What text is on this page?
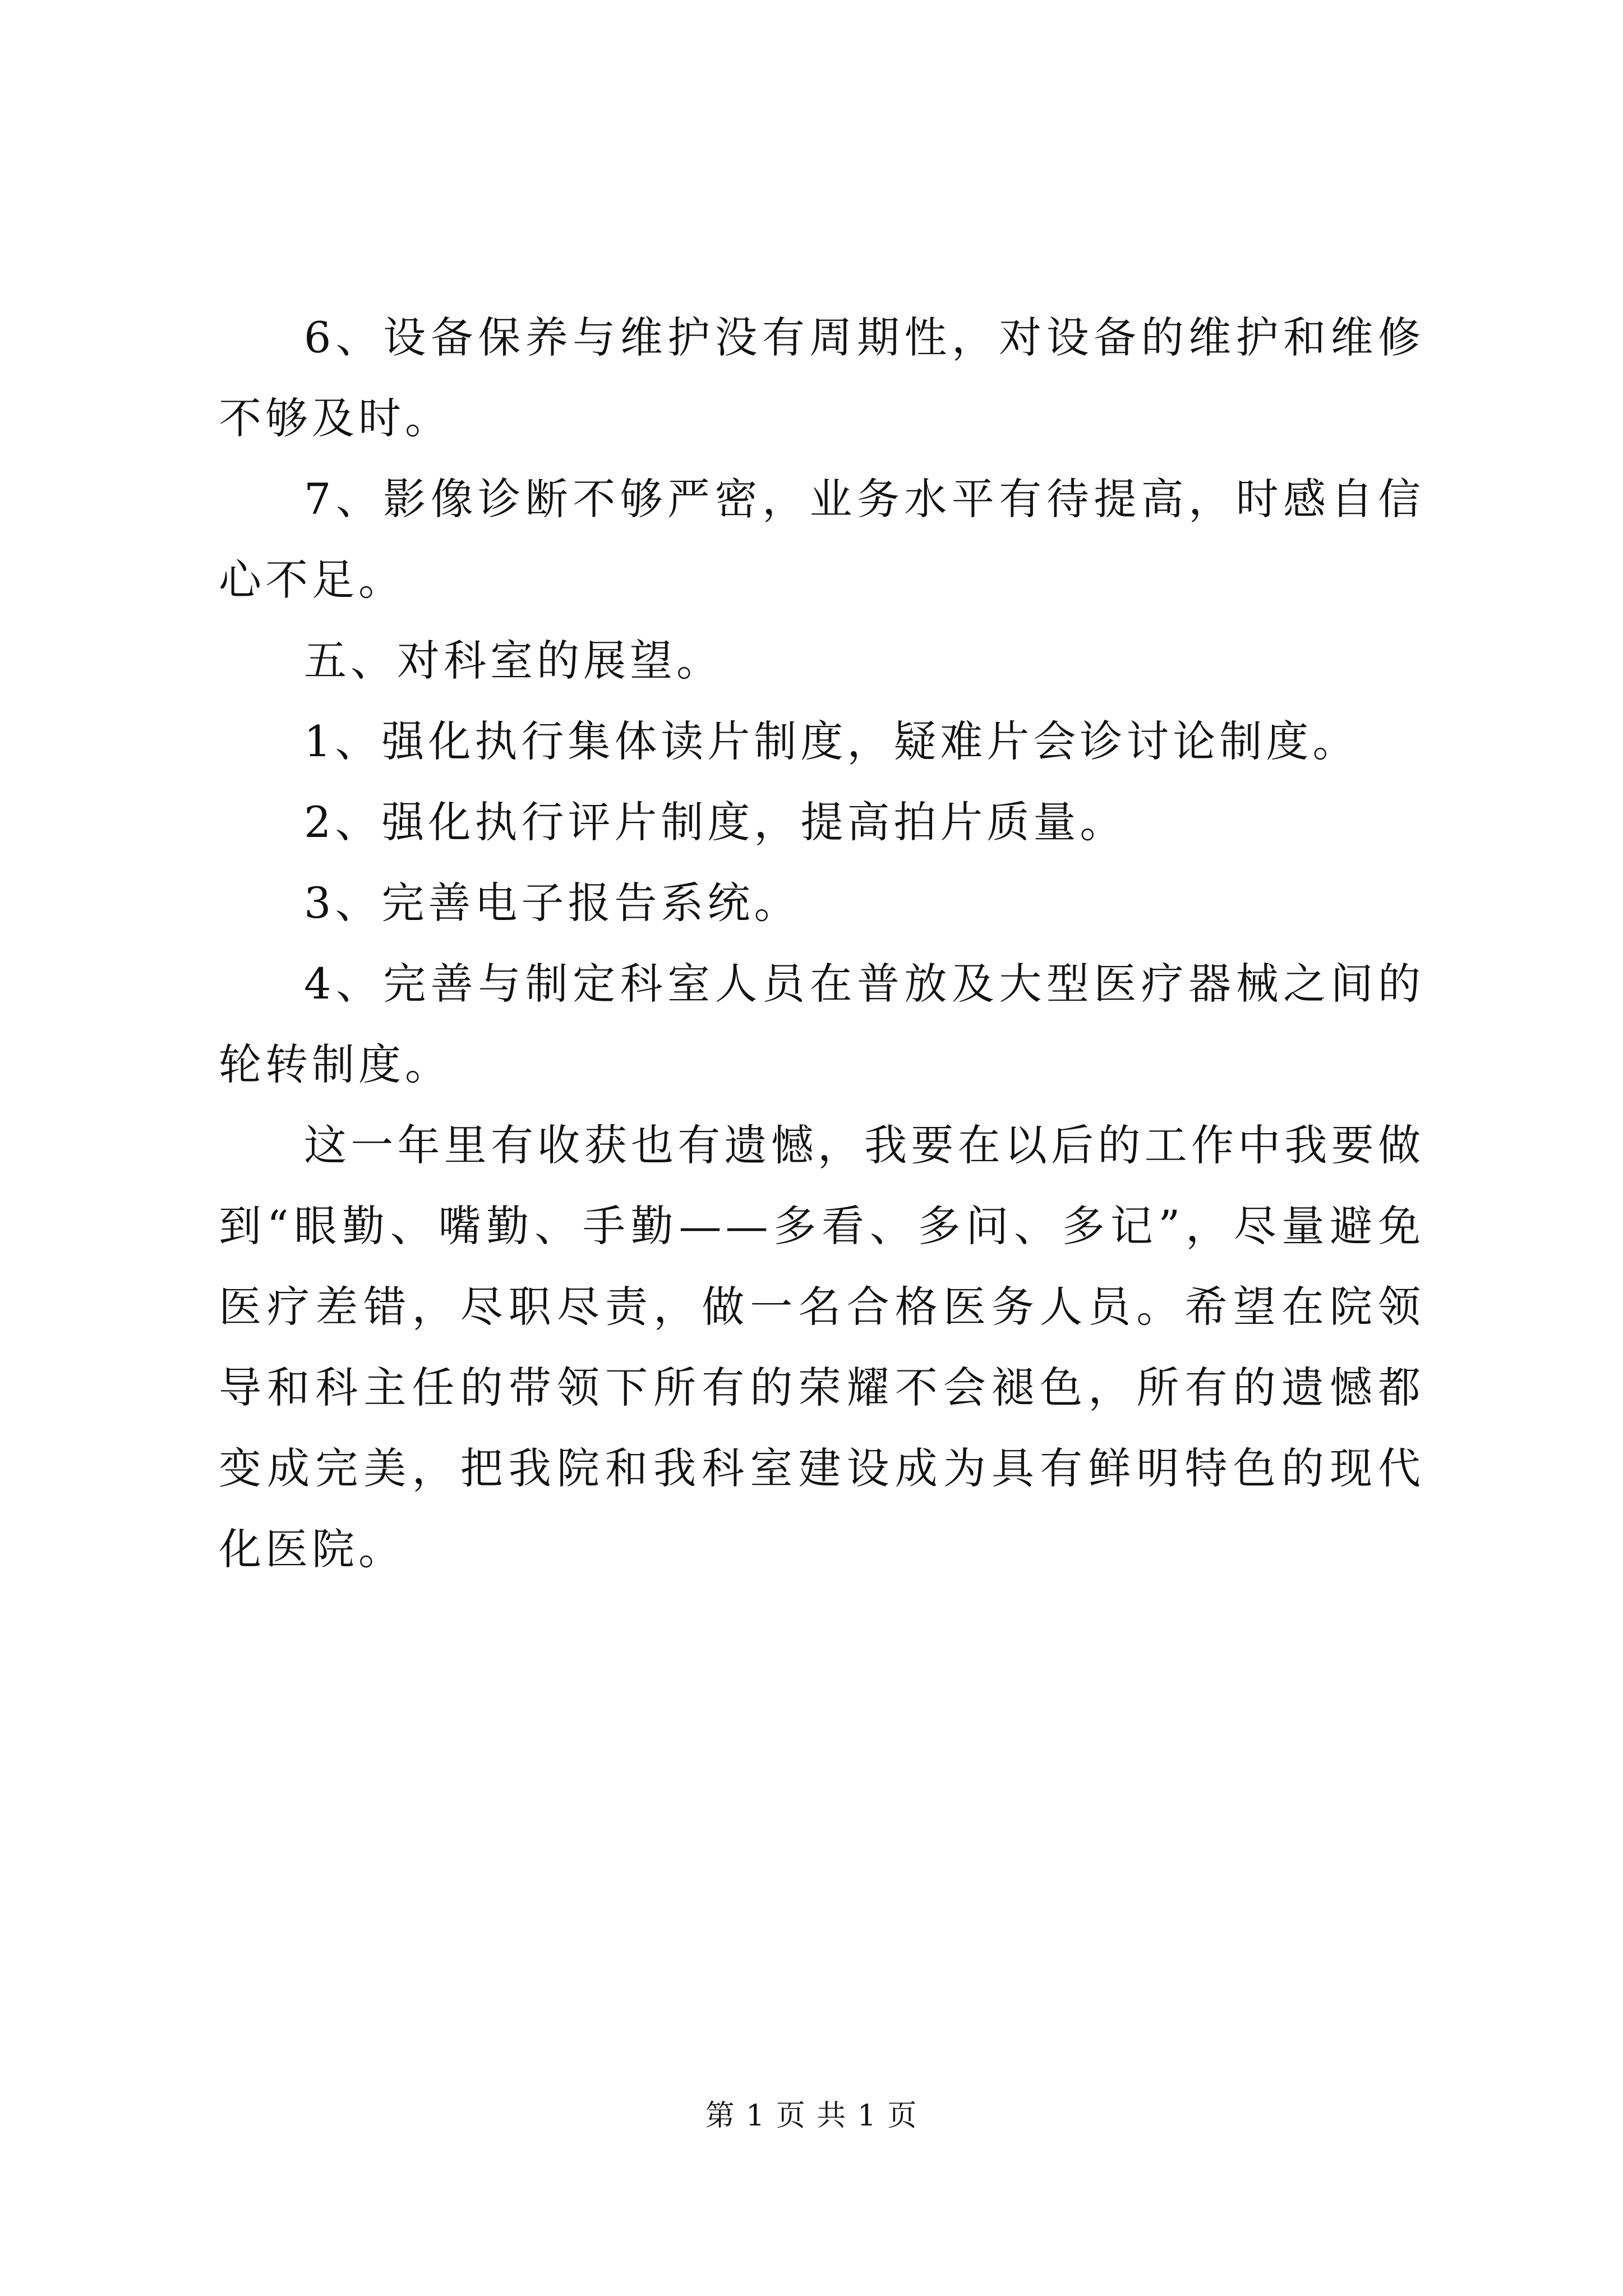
6、设备保养与维护没有周期性，对设备的维护和维修不够及时。

7、影像诊断不够严密，业务水平有待提高，时感自信心不足。

五、对科室的展望。

1、强化执行集体读片制度，疑难片会诊讨论制度。

2、强化执行评片制度，提高拍片质量。

3、完善电子报告系统。

4、完善与制定科室人员在普放及大型医疗器械之间的轮转制度。

这一年里有收获也有遗憾，我要在以后的工作中我要做到“眼勤、嘴勤、手勤——多看、多问、多记”，尽量避免医疗差错，尽职尽责，做一名合格医务人员。希望在院领导和科主任的带领下所有的荣耀不会褪色，所有的遗憾都变成完美，把我院和我科室建设成为具有鲜明特色的现代化医院。

第 1 页 共 1 页
